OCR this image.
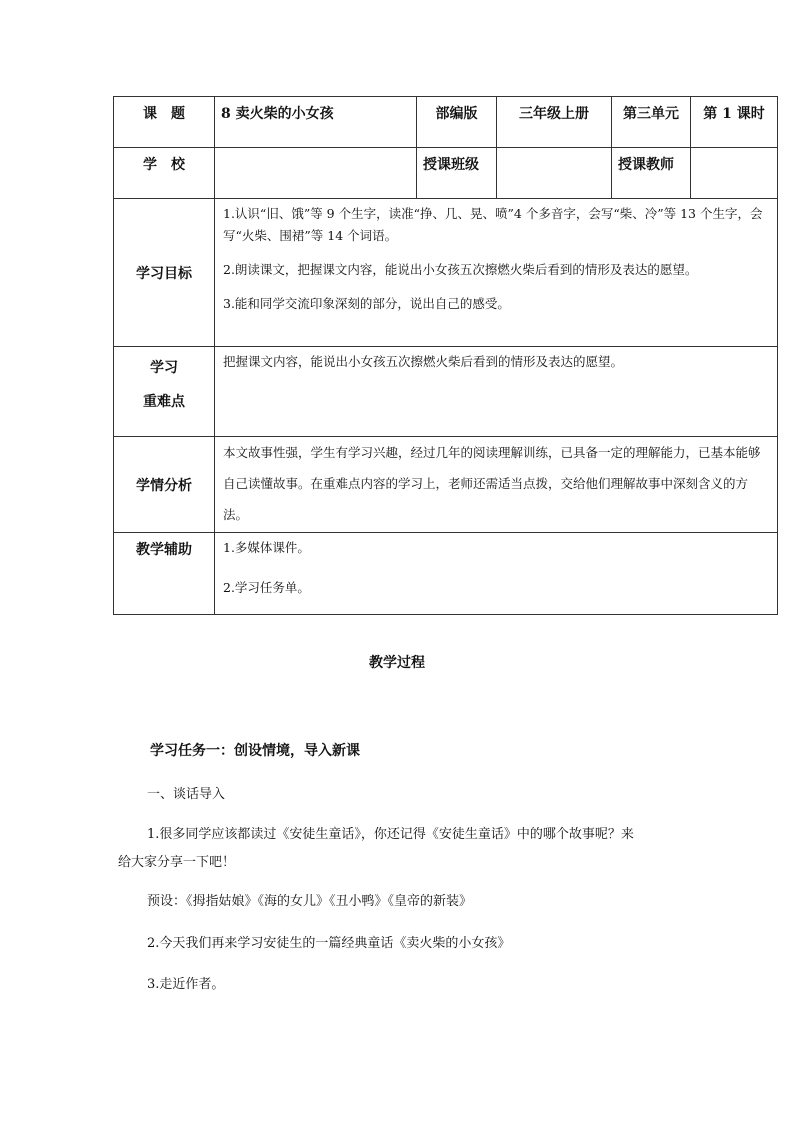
课　题	8 卖火柴的小女孩	部编版	三年级上册	第三单元	第 1 课时
学　校		授课班级		授课教师	
学习目标	1.认识“旧、饿”等 9 个生字，读准“挣、几、晃、喷”4 个多音字，会写“柴、冷”等 13 个生字，会写“火柴、围裙”等 14 个词语。

2.朗读课文，把握课文内容，能说出小女孩五次擦燃火柴后看到的情形及表达的愿望。

3.能和同学交流印象深刻的部分，说出自己的感受。				

学习
重难点	把握课文内容，能说出小女孩五次擦燃火柴后看到的情形及表达的愿望。				
学情分析	本文故事性强，学生有学习兴趣，经过几年的阅读理解训练，已具备一定的理解能力，已基本能够自己读懂故事。在重难点内容的学习上，老师还需适当点拨，交给他们理解故事中深刻含义的方法。				
教学辅助	1.多媒体课件。

2.学习任务单。				

教学过程
学习任务一：创设情境，导入新课
一、谈话导入
1.很多同学应该都读过《安徒生童话》，你还记得《安徒生童话》中的哪个故事呢？来
给大家分享一下吧！
预设：《拇指姑娘》《海的女儿》《丑小鸭》《皇帝的新装》
2.今天我们再来学习安徒生的一篇经典童话《卖火柴的小女孩》
3.走近作者。
